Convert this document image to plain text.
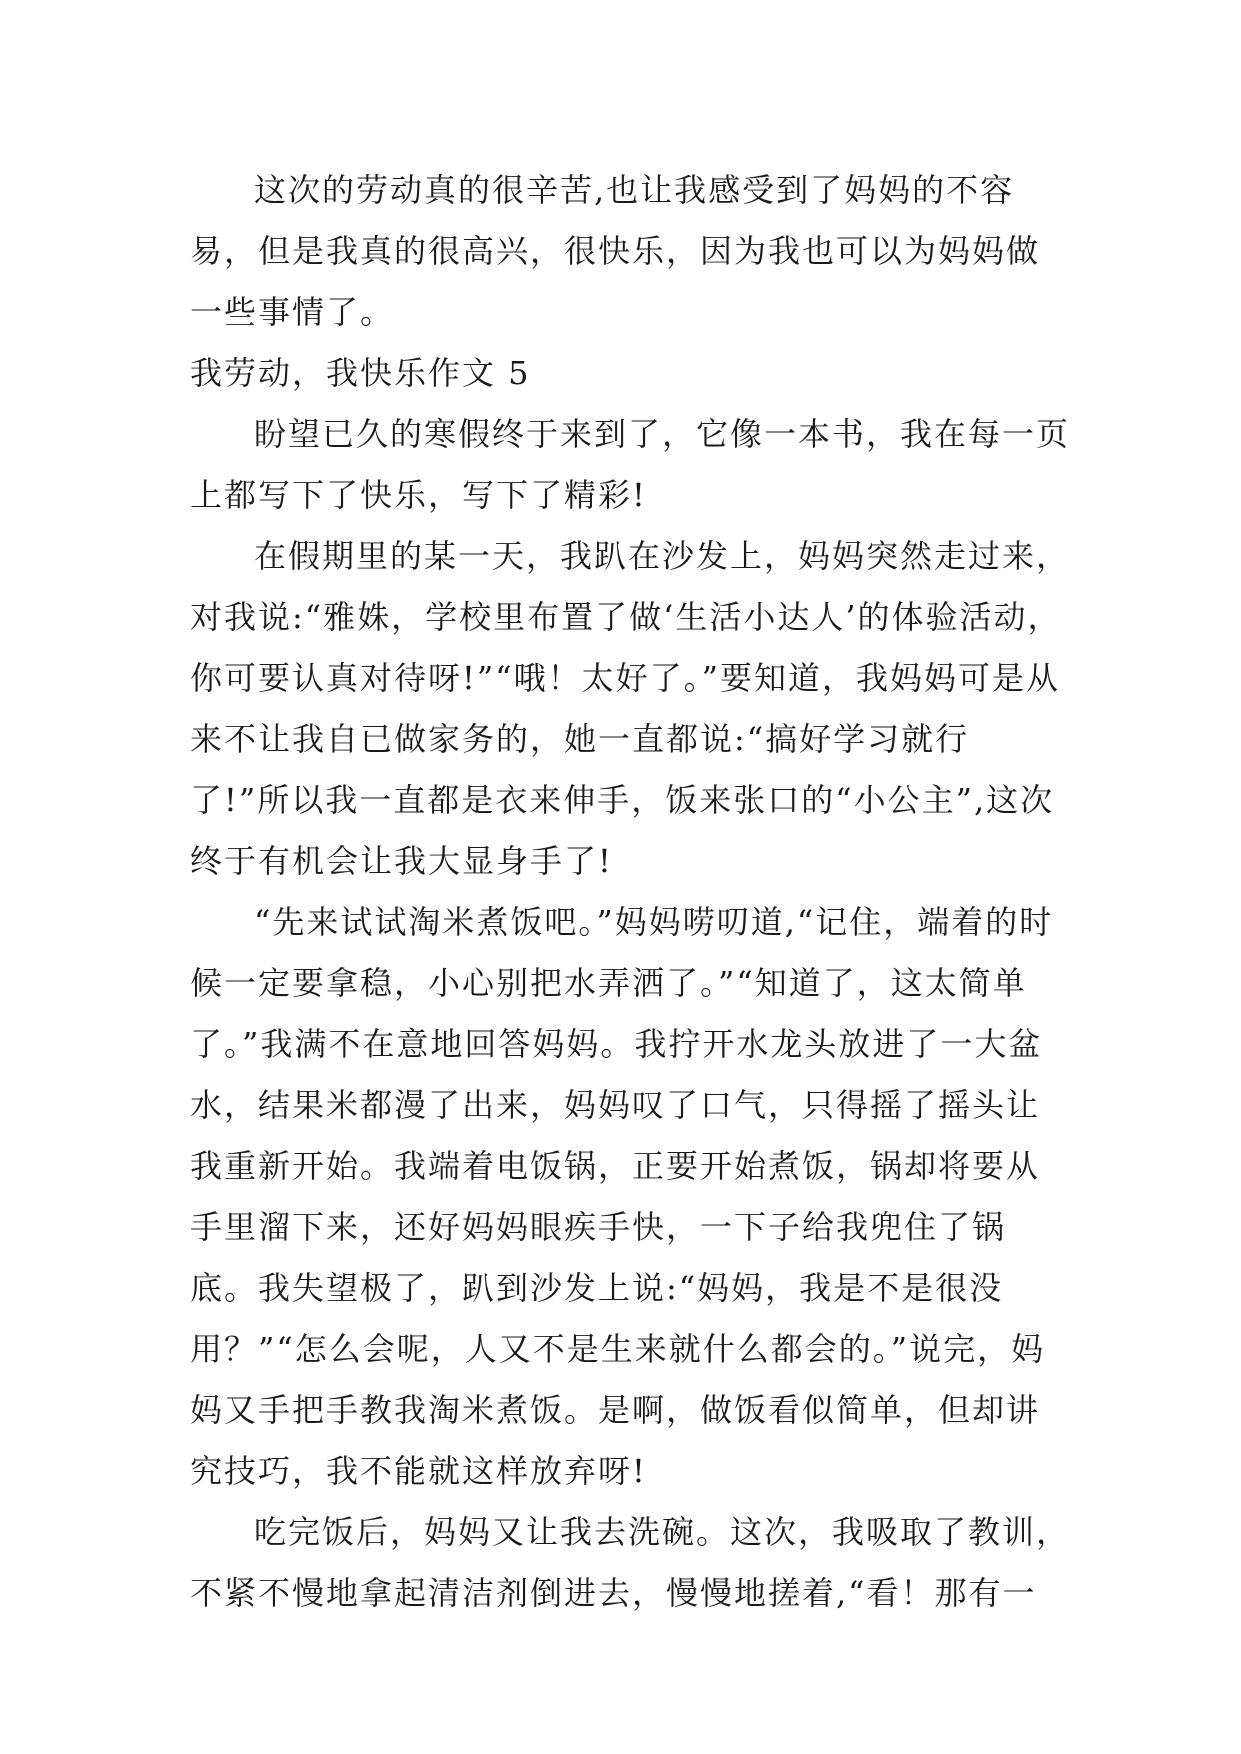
这次的劳动真的很辛苦,也让我感受到了妈妈的不容易，但是我真的很高兴，很快乐，因为我也可以为妈妈做一些事情了。

我劳动，我快乐作文 5

盼望已久的寒假终于来到了，它像一本书，我在每一页上都写下了快乐，写下了精彩!

在假期里的某一天，我趴在沙发上，妈妈突然走过来，对我说:“雅姝，学校里布置了做‘生活小达人’的体验活动，你可要认真对待呀!”“哦！太好了。”要知道，我妈妈可是从来不让我自已做家务的，她一直都说:“搞好学习就行了!”所以我一直都是衣来伸手，饭来张口的“小公主”,这次终于有机会让我大显身手了!

“先来试试淘米煮饭吧。”妈妈唠叨道,“记住，端着的时候一定要拿稳，小心别把水弄洒了。”“知道了，这太简单了。”我满不在意地回答妈妈。我拧开水龙头放进了一大盆水，结果米都漫了出来，妈妈叹了口气，只得摇了摇头让我重新开始。我端着电饭锅，正要开始煮饭，锅却将要从手里溜下来，还好妈妈眼疾手快，一下子给我兜住了锅底。我失望极了，趴到沙发上说:“妈妈，我是不是很没用？”“怎么会呢，人又不是生来就什么都会的。”说完，妈妈又手把手教我淘米煮饭。是啊，做饭看似简单，但却讲究技巧，我不能就这样放弃呀!

吃完饭后，妈妈又让我去洗碗。这次，我吸取了教训，不紧不慢地拿起清洁剂倒进去，慢慢地搓着,“看！那有一
